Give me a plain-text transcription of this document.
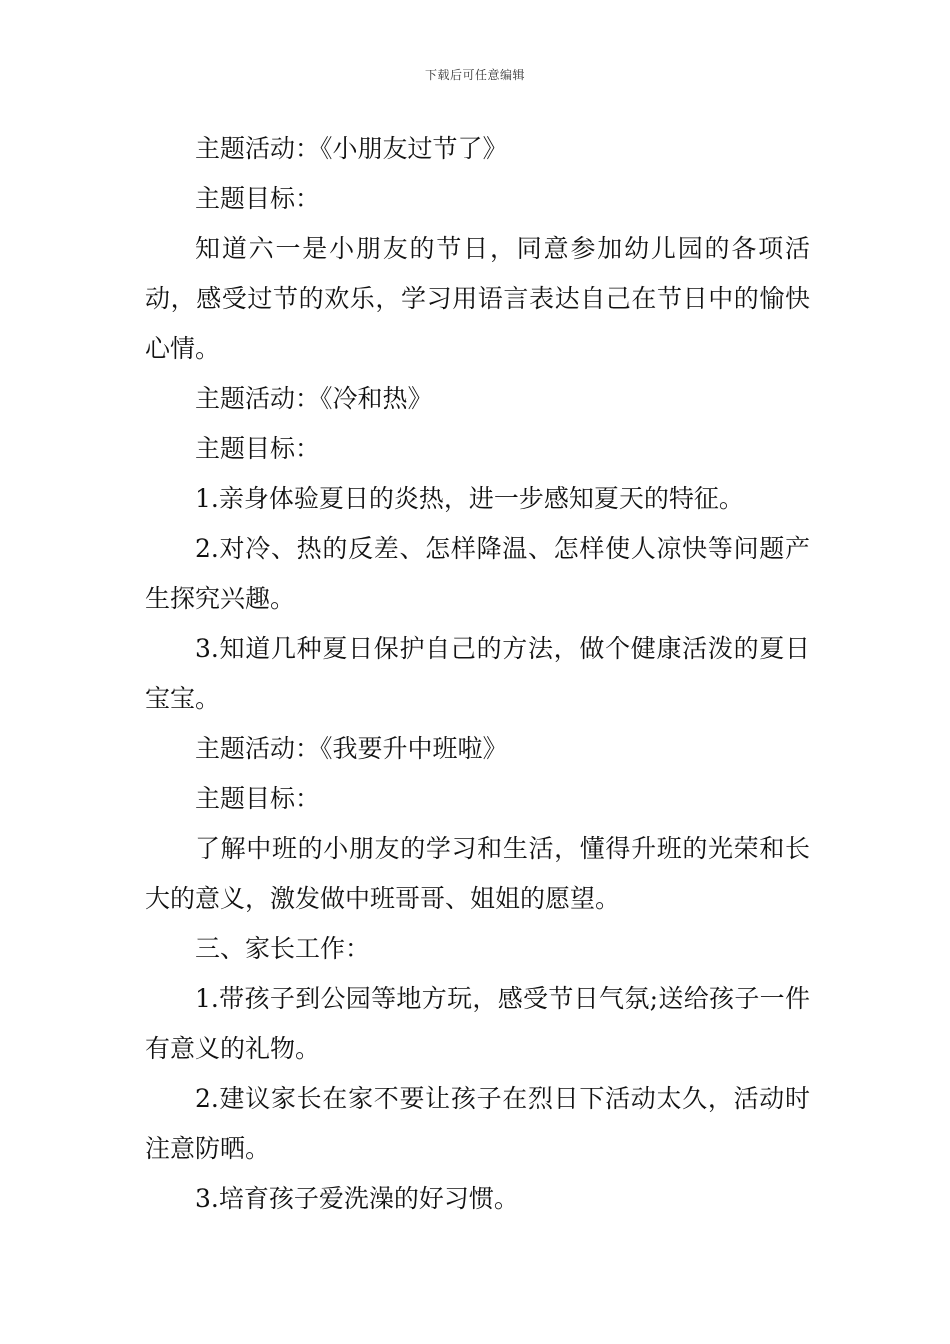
下载后可任意编辑

主题活动：《小朋友过节了》

主题目标：

知道六一是小朋友的节日，同意参加幼儿园的各项活动，感受过节的欢乐，学习用语言表达自己在节日中的愉快心情。

主题活动：《冷和热》

主题目标：

1.亲身体验夏日的炎热，进一步感知夏天的特征。

2.对冷、热的反差、怎样降温、怎样使人凉快等问题产生探究兴趣。

3.知道几种夏日保护自己的方法，做个健康活泼的夏日宝宝。

主题活动：《我要升中班啦》

主题目标：

了解中班的小朋友的学习和生活，懂得升班的光荣和长大的意义，激发做中班哥哥、姐姐的愿望。

三、家长工作：

1.带孩子到公园等地方玩，感受节日气氛;送给孩子一件有意义的礼物。

2.建议家长在家不要让孩子在烈日下活动太久，活动时注意防晒。

3.培育孩子爱洗澡的好习惯。
